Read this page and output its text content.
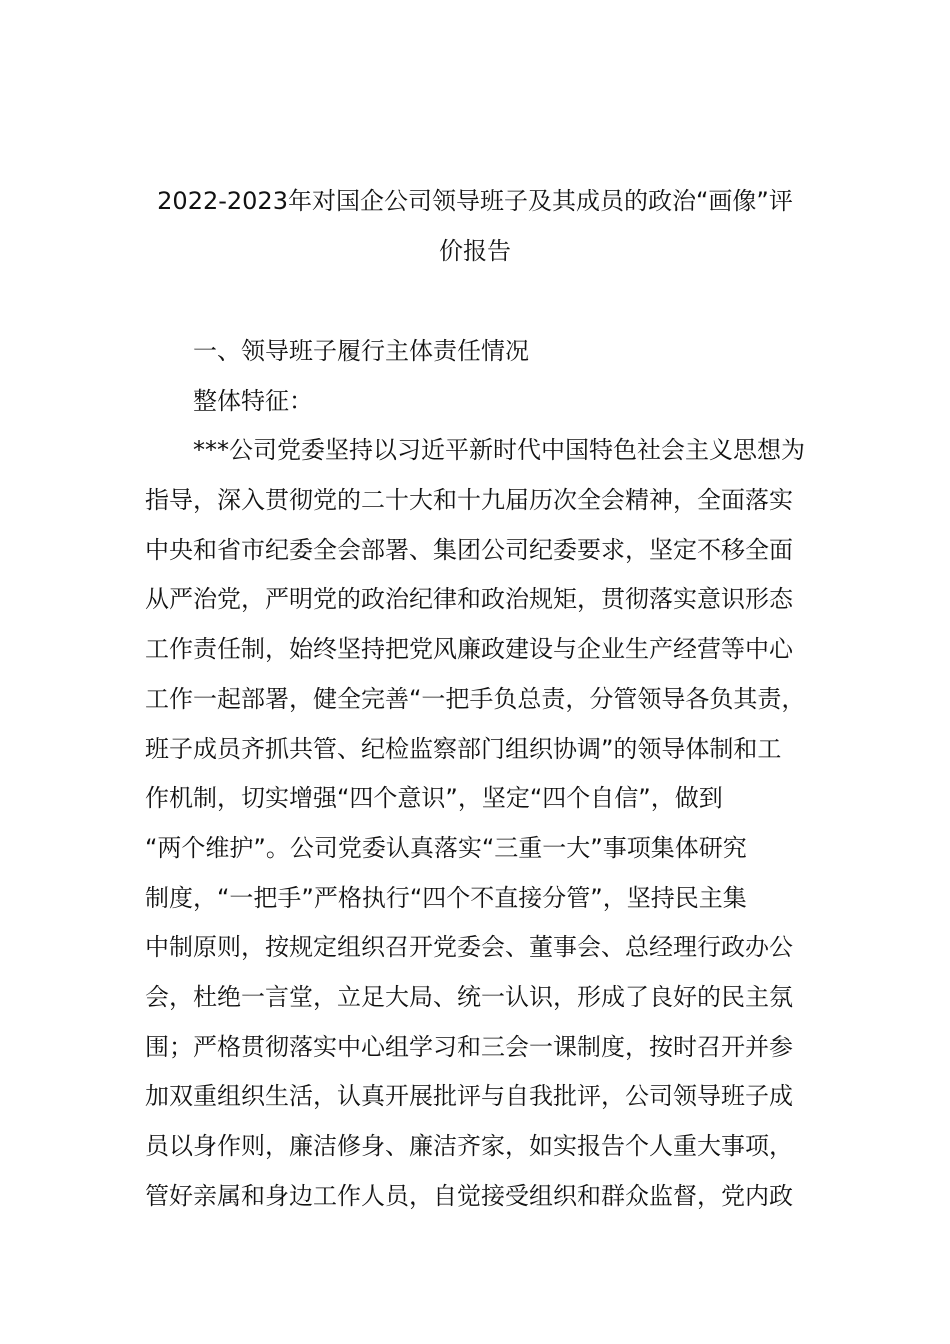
2022-2023年对国企公司领导班子及其成员的政治“画像”评
价报告
一、领导班子履行主体责任情况
整体特征：
***公司党委坚持以习近平新时代中国特色社会主义思想为
指导，深入贯彻党的二十大和十九届历次全会精神，全面落实
中央和省市纪委全会部署、集团公司纪委要求，坚定不移全面
从严治党，严明党的政治纪律和政治规矩，贯彻落实意识形态
工作责任制，始终坚持把党风廉政建设与企业生产经营等中心
工作一起部署，健全完善“一把手负总责，分管领导各负其责，
班子成员齐抓共管、纪检监察部门组织协调”的领导体制和工
作机制，切实增强“四个意识”，坚定“四个自信”，做到
“两个维护”。公司党委认真落实“三重一大”事项集体研究
制度，“一把手”严格执行“四个不直接分管”，坚持民主集
中制原则，按规定组织召开党委会、董事会、总经理行政办公
会，杜绝一言堂，立足大局、统一认识，形成了良好的民主氛
围；严格贯彻落实中心组学习和三会一课制度，按时召开并参
加双重组织生活，认真开展批评与自我批评，公司领导班子成
员以身作则，廉洁修身、廉洁齐家，如实报告个人重大事项，
管好亲属和身边工作人员，自觉接受组织和群众监督，党内政
